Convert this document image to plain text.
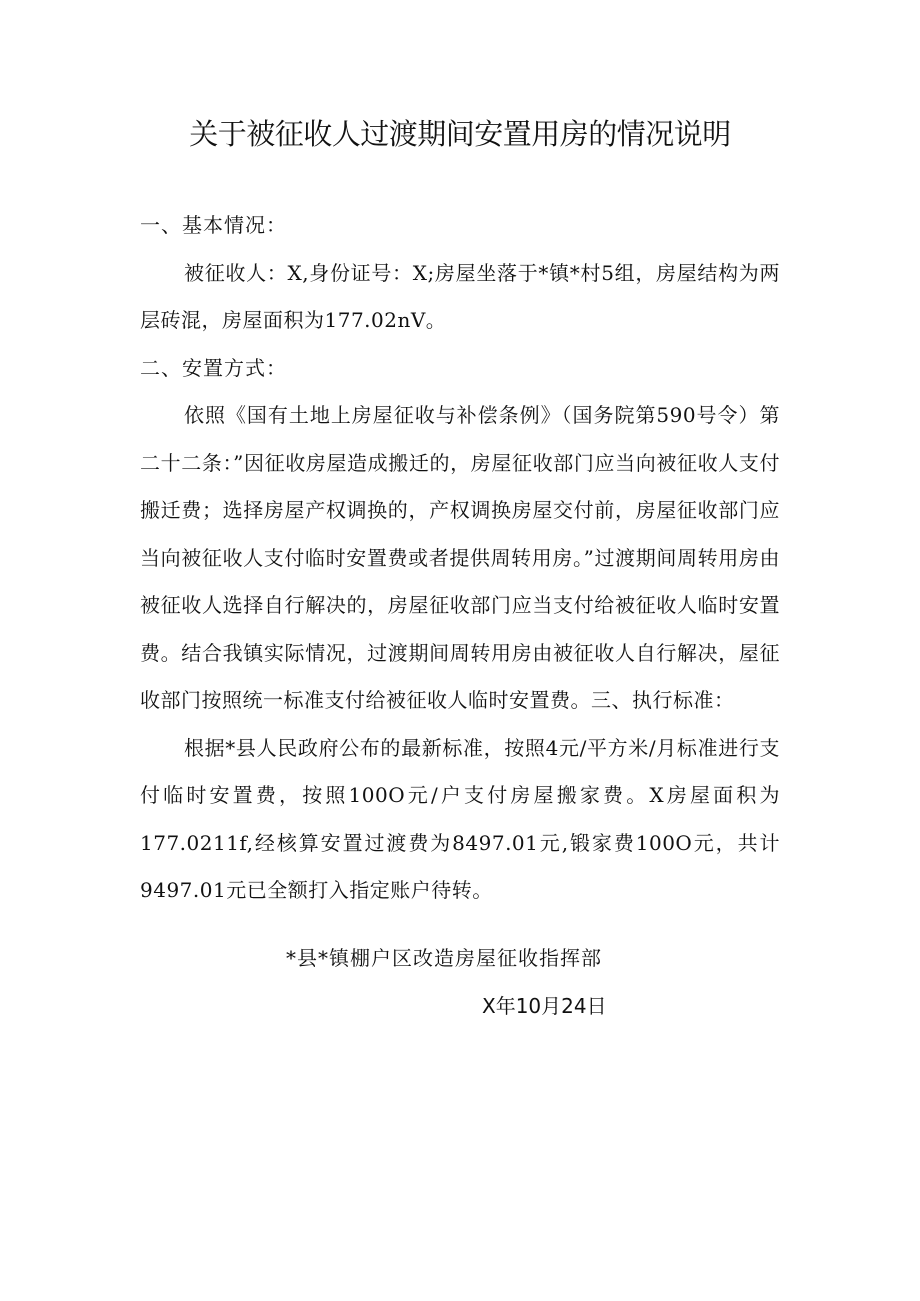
关于被征收人过渡期间安置用房的情况说明

一、基本情况：

被征收人：X,身份证号：X;房屋坐落于*镇*村5组，房屋结构为两层砖混，房屋面积为177.02nV。

二、安置方式：

依照《国有土地上房屋征收与补偿条例》（国务院第590号令）第二十二条：”因征收房屋造成搬迁的，房屋征收部门应当向被征收人支付搬迁费；选择房屋产权调换的，产权调换房屋交付前，房屋征收部门应当向被征收人支付临时安置费或者提供周转用房。”过渡期间周转用房由被征收人选择自行解决的，房屋征收部门应当支付给被征收人临时安置费。结合我镇实际情况，过渡期间周转用房由被征收人自行解决，屋征收部门按照统一标准支付给被征收人临时安置费。三、执行标准：

根据*县人民政府公布的最新标准，按照4元/平方米/月标准进行支付临时安置费，按照100O元/户支付房屋搬家费。X房屋面积为177.0211f,经核算安置过渡费为8497.01元,锻家费100O元，共计9497.01元已全额打入指定账户待转。

*县*镇棚户区改造房屋征收指挥部

X年10月24日
